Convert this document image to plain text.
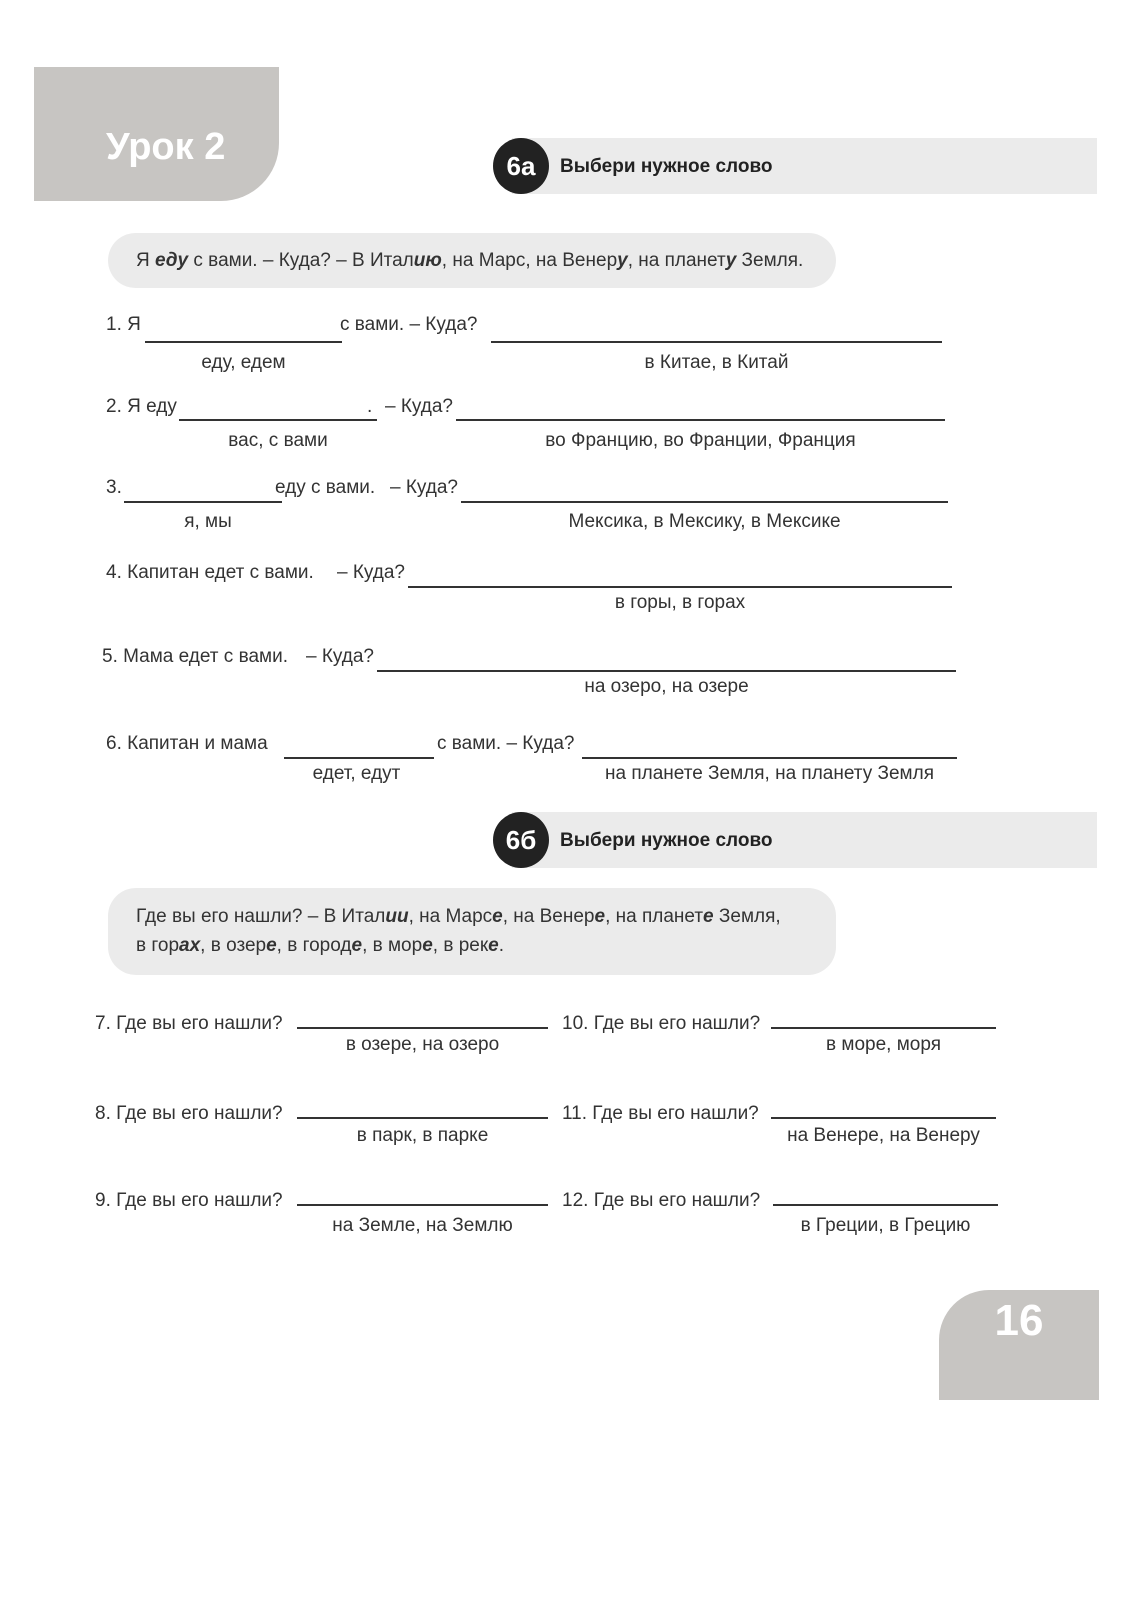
Урок 2	6а	Выбери нужное слово
Я еду с вами. – Куда? – В Италию, на Марс, на Венеру, на планету Земля.
1. Я	с вами. – Куда?
еду, едем	в Китае, в Китай
2. Я еду	. – Куда?
вас, с вами	во Францию, во Франции, Франция
3.	еду с вами. – Куда?
я, мы	Мексика, в Мексику, в Мексике
4. Капитан едет с вами. – Куда?
в горы, в горах
5. Мама едет с вами. – Куда?
на озеро, на озере
6. Капитан и мама	с вами. – Куда?
едет, едут	на планете Земля, на планету Земля
6б	Выбери нужное слово
Где вы его нашли? – В Италии, на Марсе, на Венере, на планете Земля,
в горах, в озере, в городе, в море, в реке.
7. Где вы его нашли?
в озере, на озеро
8. Где вы его нашли?
в парк, в парке
9. Где вы его нашли?
на Земле, на Землю
10. Где вы его нашли?
в море, моря
11. Где вы его нашли?
на Венере, на Венеру
12. Где вы его нашли?
в Греции, в Грецию
16
